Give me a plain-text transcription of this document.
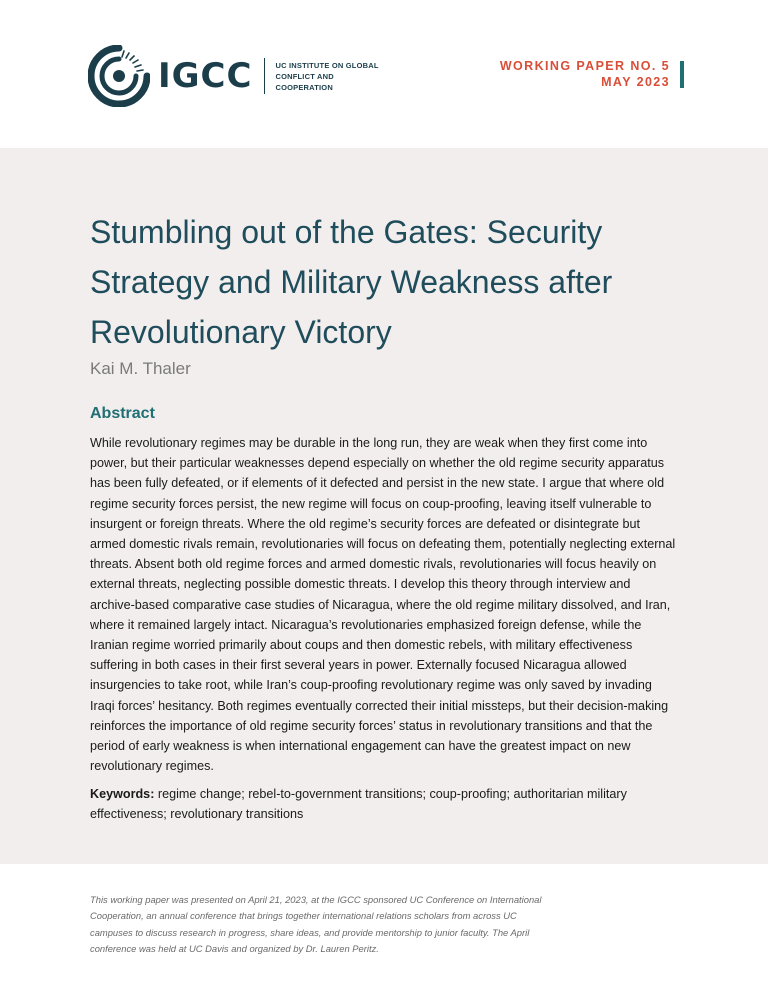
IGCC	UC INSTITUTE ON GLOBAL CONFLICT AND COOPERATION
WORKING PAPER NO. 5
MAY 2023
Stumbling out of the Gates: Security Strategy and Military Weakness after Revolutionary Victory

Kai M. Thaler

Abstract

While revolutionary regimes may be durable in the long run, they are weak when they first come into power, but their particular weaknesses depend especially on whether the old regime security apparatus has been fully defeated, or if elements of it defected and persist in the new state. I argue that where old regime security forces persist, the new regime will focus on coup-proofing, leaving itself vulnerable to insurgent or foreign threats. Where the old regime’s security forces are defeated or disintegrate but armed domestic rivals remain, revolutionaries will focus on defeating them, potentially neglecting external threats. Absent both old regime forces and armed domestic rivals, revolutionaries will focus heavily on external threats, neglecting possible domestic threats. I develop this theory through interview and archive-based comparative case studies of Nicaragua, where the old regime military dissolved, and Iran, where it remained largely intact. Nicaragua’s revolutionaries emphasized foreign defense, while the Iranian regime worried primarily about coups and then domestic rebels, with military effectiveness suffering in both cases in their first several years in power. Externally focused Nicaragua allowed insurgencies to take root, while Iran’s coup-proofing revolutionary regime was only saved by invading Iraqi forces’ hesitancy. Both regimes eventually corrected their initial missteps, but their decision-making reinforces the importance of old regime security forces’ status in revolutionary transitions and that the period of early weakness is when international engagement can have the greatest impact on new revolutionary regimes.

Keywords: regime change; rebel-to-government transitions; coup-proofing; authoritarian military effectiveness; revolutionary transitions

This working paper was presented on April 21, 2023, at the IGCC sponsored UC Conference on International Cooperation, an annual conference that brings together international relations scholars from across UC campuses to discuss research in progress, share ideas, and provide mentorship to junior faculty. The April conference was held at UC Davis and organized by Dr. Lauren Peritz.
